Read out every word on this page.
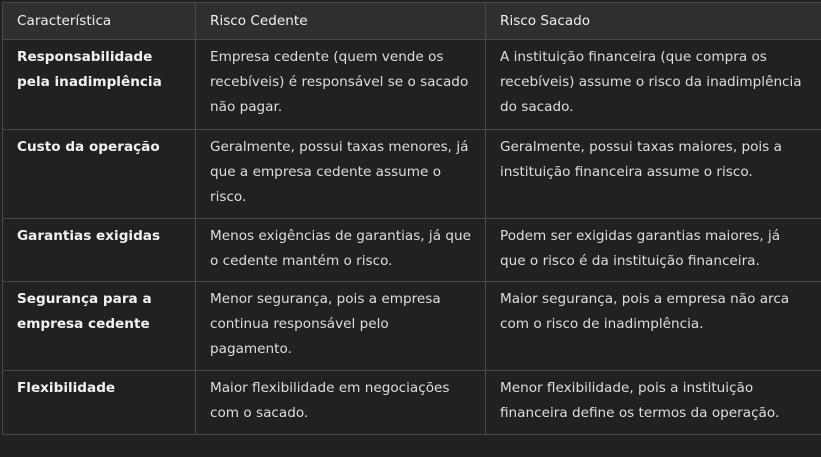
Característica	Risco Cedente	Risco Sacado
Responsabilidade pela inadimplência	Empresa cedente (quem vende os recebíveis) é responsável se o sacado não pagar.	A instituição financeira (que compra os recebíveis) assume o risco da inadimplência do sacado.
Custo da operação	Geralmente, possui taxas menores, já que a empresa cedente assume o risco.	Geralmente, possui taxas maiores, pois a instituição financeira assume o risco.
Garantias exigidas	Menos exigências de garantias, já que o cedente mantém o risco.	Podem ser exigidas garantias maiores, já que o risco é da instituição financeira.
Segurança para a empresa cedente	Menor segurança, pois a empresa continua responsável pelo pagamento.	Maior segurança, pois a empresa não arca com o risco de inadimplência.
Flexibilidade	Maior flexibilidade em negociações com o sacado.	Menor flexibilidade, pois a instituição financeira define os termos da operação.
